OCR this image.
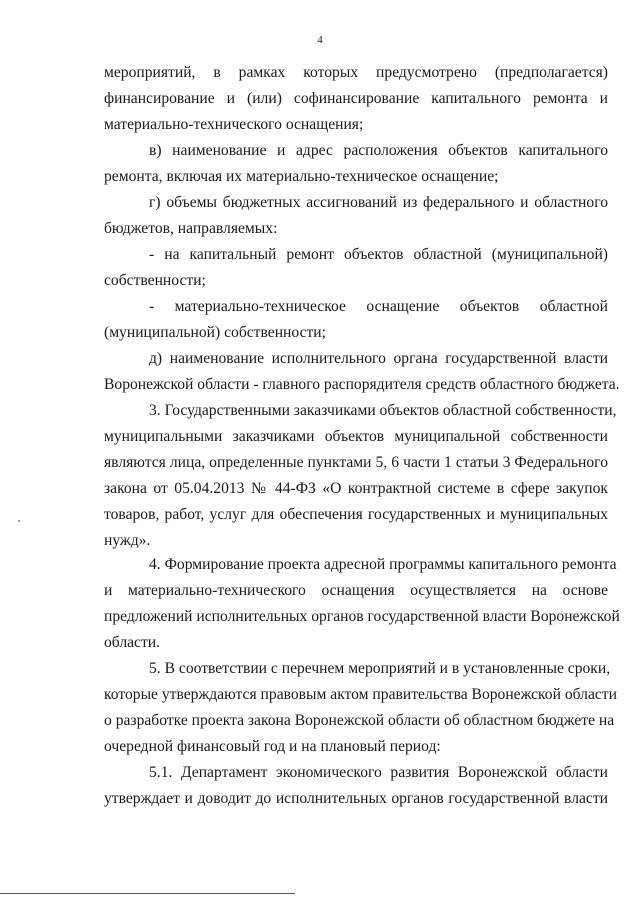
4
мероприятий, в рамках которых предусмотрено (предполагается)
финансирование и (или) софинансирование капитального ремонта и
материально-технического оснащения;
в) наименование и адрес расположения объектов капитального
ремонта, включая их материально-техническое оснащение;
г) объемы бюджетных ассигнований из федерального и областного
бюджетов, направляемых:
- на капитальный ремонт объектов областной (муниципальной)
собственности;
- материально-техническое оснащение объектов областной
(муниципальной) собственности;
д) наименование исполнительного органа государственной власти
Воронежской области - главного распорядителя средств областного бюджета.
3. Государственными заказчиками объектов областной собственности,
муниципальными заказчиками объектов муниципальной собственности
являются лица, определенные пунктами 5, 6 части 1 статьи 3 Федерального
закона от 05.04.2013 № 44-ФЗ «О контрактной системе в сфере закупок
товаров, работ, услуг для обеспечения государственных и муниципальных
нужд».
4. Формирование проекта адресной программы капитального ремонта
и материально-технического оснащения осуществляется на основе
предложений исполнительных органов государственной власти Воронежской
области.
5. В соответствии с перечнем мероприятий и в установленные сроки,
которые утверждаются правовым актом правительства Воронежской области
о разработке проекта закона Воронежской области об областном бюджете на
очередной финансовый год и на плановый период:
5.1. Департамент экономического развития Воронежской области
утверждает и доводит до исполнительных органов государственной власти
